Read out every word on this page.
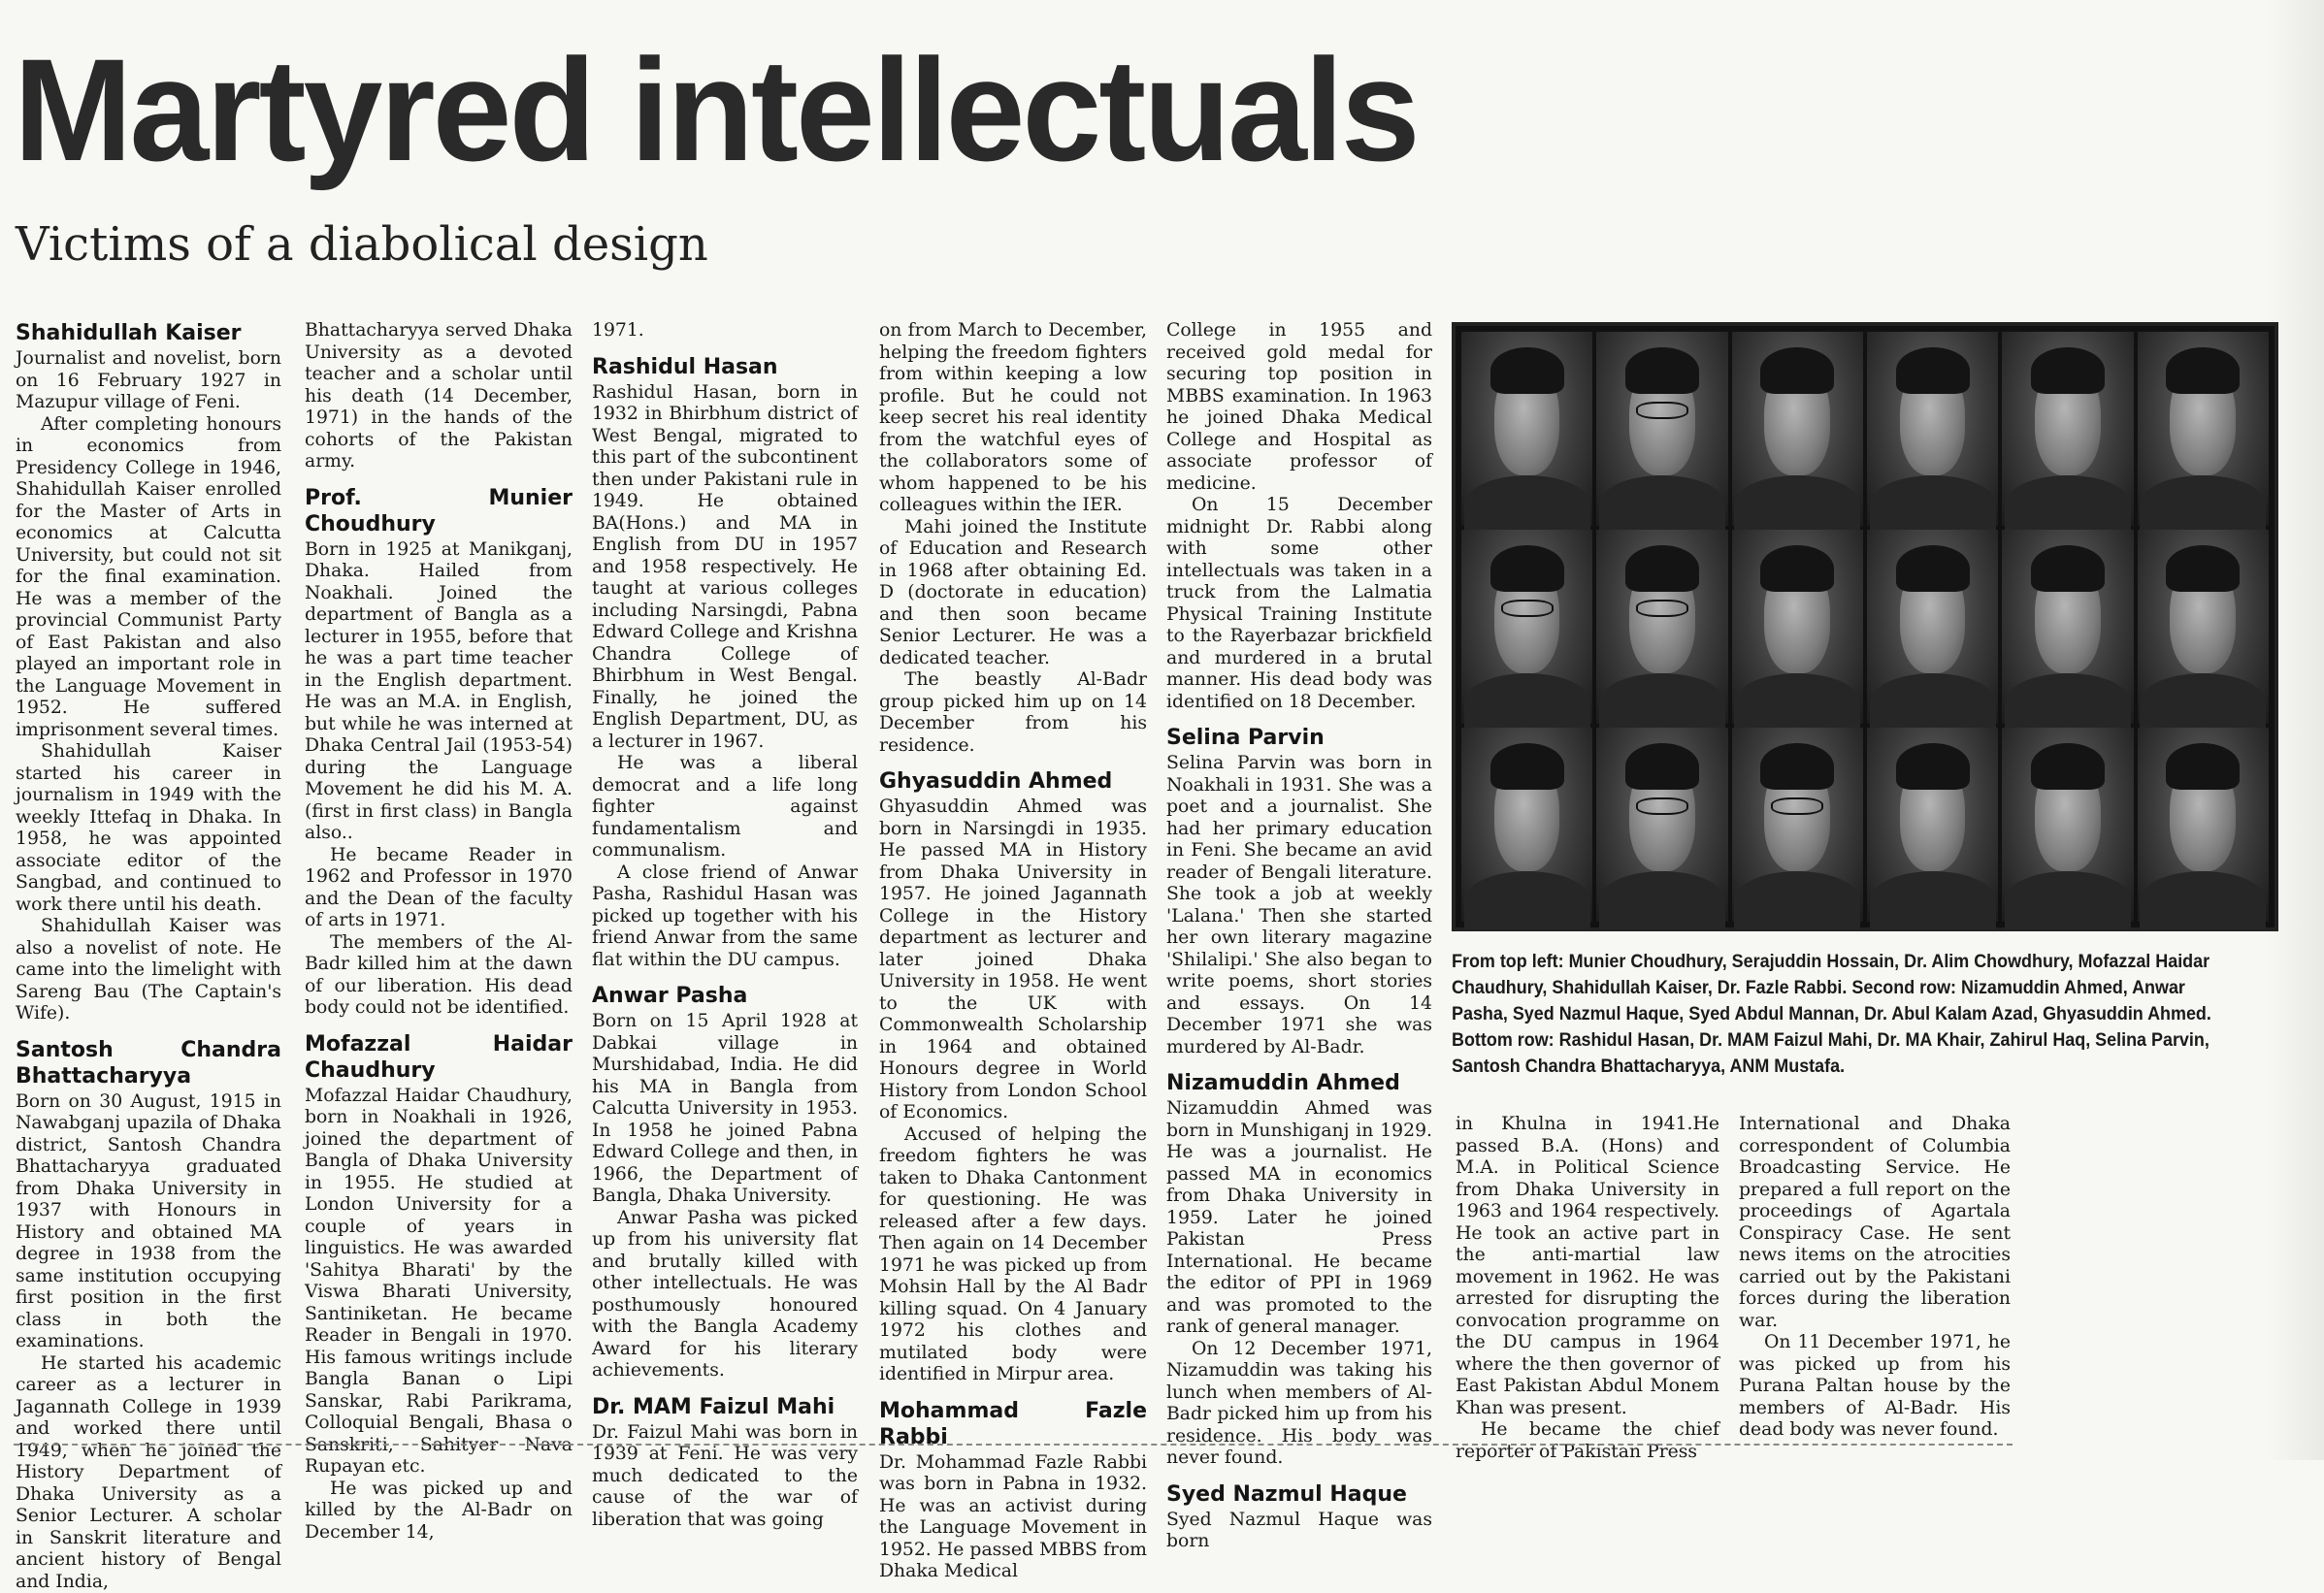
Martyred intellectuals
Victims of a diabolical design
Shahidullah Kaiser

Journalist and novelist, born on 16 February 1927 in Mazupur village of Feni.

After completing honours in economics from Presidency College in 1946, Shahidullah Kaiser enrolled for the Master of Arts in economics at Calcutta University, but could not sit for the final examination. He was a member of the provincial Communist Party of East Pakistan and also played an important role in the Language Movement in 1952. He suffered imprisonment several times.

Shahidullah Kaiser started his career in journalism in 1949 with the weekly Ittefaq in Dhaka. In 1958, he was appointed associate editor of the Sangbad, and continued to work there until his death.

Shahidullah Kaiser was also a novelist of note. He came into the limelight with Sareng Bau (The Captain's Wife).

Santosh Chandra Bhattacharyya

Born on 30 August, 1915 in Nawabganj upazila of Dhaka district, Santosh Chandra Bhattacharyya graduated from Dhaka University in 1937 with Honours in History and obtained MA degree in 1938 from the same institution occupying first position in the first class in both the examinations.

He started his academic career as a lecturer in Jagannath College in 1939 and worked there until 1949, when he joined the History Department of Dhaka University as a Senior Lecturer. A scholar in Sanskrit literature and ancient history of Bengal and India,

Bhattacharyya served Dhaka University as a devoted teacher and a scholar until his death (14 December, 1971) in the hands of the cohorts of the Pakistan army.

Prof. Munier Choudhury

Born in 1925 at Manikganj, Dhaka. Hailed from Noakhali. Joined the department of Bangla as a lecturer in 1955, before that he was a part time teacher in the English department. He was an M.A. in English, but while he was interned at Dhaka Central Jail (1953-54) during the Language Movement he did his M. A. (first in first class) in Bangla also..

He became Reader in 1962 and Professor in 1970 and the Dean of the faculty of arts in 1971.

The members of the Al-Badr killed him at the dawn of our liberation. His dead body could not be identified.

Mofazzal Haidar Chaudhury

Mofazzal Haidar Chaudhury, born in Noakhali in 1926, joined the department of Bangla of Dhaka University in 1955. He studied at London University for a couple of years in linguistics. He was awarded 'Sahitya Bharati' by the Viswa Bharati University, Santiniketan. He became Reader in Bengali in 1970. His famous writings include Bangla Banan o Lipi Sanskar, Rabi Parikrama, Colloquial Bengali, Bhasa o Sanskriti, Sahityer Nava Rupayan etc.

He was picked up and killed by the Al-Badr on December 14,

1971.

Rashidul Hasan

Rashidul Hasan, born in 1932 in Bhirbhum district of West Bengal, migrated to this part of the subcontinent then under Pakistani rule in 1949. He obtained BA(Hons.) and MA in English from DU in 1957 and 1958 respectively. He taught at various colleges including Narsingdi, Pabna Edward College and Krishna Chandra College of Bhirbhum in West Bengal. Finally, he joined the English Department, DU, as a lecturer in 1967.

He was a liberal democrat and a life long fighter against fundamentalism and communalism.

A close friend of Anwar Pasha, Rashidul Hasan was picked up together with his friend Anwar from the same flat within the DU campus.

Anwar Pasha

Born on 15 April 1928 at Dabkai village in Murshidabad, India. He did his MA in Bangla from Calcutta University in 1953. In 1958 he joined Pabna Edward College and then, in 1966, the Department of Bangla, Dhaka University.

Anwar Pasha was picked up from his university flat and brutally killed with other intellectuals. He was posthumously honoured with the Bangla Academy Award for his literary achievements.

Dr. MAM Faizul Mahi

Dr. Faizul Mahi was born in 1939 at Feni. He was very much dedicated to the cause of the war of liberation that was going

on from March to December, helping the freedom fighters from within keeping a low profile. But he could not keep secret his real identity from the watchful eyes of the collaborators some of whom happened to be his colleagues within the IER.

Mahi joined the Institute of Education and Research in 1968 after obtaining Ed. D (doctorate in education) and then soon became Senior Lecturer. He was a dedicated teacher.

The beastly Al-Badr group picked him up on 14 December from his residence.

Ghyasuddin Ahmed

Ghyasuddin Ahmed was born in Narsingdi in 1935. He passed MA in History from Dhaka University in 1957. He joined Jagannath College in the History department as lecturer and later joined Dhaka University in 1958. He went to the UK with Commonwealth Scholarship in 1964 and obtained Honours degree in World History from London School of Economics.

Accused of helping the freedom fighters he was taken to Dhaka Cantonment for questioning. He was released after a few days. Then again on 14 December 1971 he was picked up from Mohsin Hall by the Al Badr killing squad. On 4 January 1972 his clothes and mutilated body were identified in Mirpur area.

Mohammad Fazle Rabbi

Dr. Mohammad Fazle Rabbi was born in Pabna in 1932. He was an activist during the Language Movement in 1952. He passed MBBS from Dhaka Medical

College in 1955 and received gold medal for securing top position in MBBS examination. In 1963 he joined Dhaka Medical College and Hospital as associate professor of medicine.

On 15 December midnight Dr. Rabbi along with some other intellectuals was taken in a truck from the Lalmatia Physical Training Institute to the Rayerbazar brickfield and murdered in a brutal manner. His dead body was identified on 18 December.

Selina Parvin

Selina Parvin was born in Noakhali in 1931. She was a poet and a journalist. She had her primary education in Feni. She became an avid reader of Bengali literature. She took a job at weekly 'Lalana.' Then she started her own literary magazine 'Shilalipi.' She also began to write poems, short stories and essays. On 14 December 1971 she was murdered by Al-Badr.

Nizamuddin Ahmed

Nizamuddin Ahmed was born in Munshiganj in 1929. He was a journalist. He passed MA in economics from Dhaka University in 1959. Later he joined Pakistan Press International. He became the editor of PPI in 1969 and was promoted to the rank of general manager.

On 12 December 1971, Nizamuddin was taking his lunch when members of Al-Badr picked him up from his residence. His body was never found.

Syed Nazmul Haque

Syed Nazmul Haque was born

From top left: Munier Choudhury, Serajuddin Hossain, Dr. Alim Chowdhury, Mofazzal Haidar Chaudhury, Shahidullah Kaiser, Dr. Fazle Rabbi. Second row: Nizamuddin Ahmed, Anwar Pasha, Syed Nazmul Haque, Syed Abdul Mannan, Dr. Abul Kalam Azad, Ghyasuddin Ahmed. Bottom row: Rashidul Hasan, Dr. MAM Faizul Mahi, Dr. MA Khair, Zahirul Haq, Selina Parvin, Santosh Chandra Bhattacharyya, ANM Mustafa.

in Khulna in 1941.He passed B.A. (Hons) and M.A. in Political Science from Dhaka University in 1963 and 1964 respectively. He took an active part in the anti-martial law movement in 1962. He was arrested for disrupting the convocation programme on the DU campus in 1964 where the then governor of East Pakistan Abdul Monem Khan was present.

He became the chief reporter of Pakistan Press

International and Dhaka correspondent of Columbia Broadcasting Service. He prepared a full report on the proceedings of Agartala Conspiracy Case. He sent news items on the atrocities carried out by the Pakistani forces during the liberation war.

On 11 December 1971, he was picked up from his Purana Paltan house by the members of Al-Badr. His dead body was never found.
